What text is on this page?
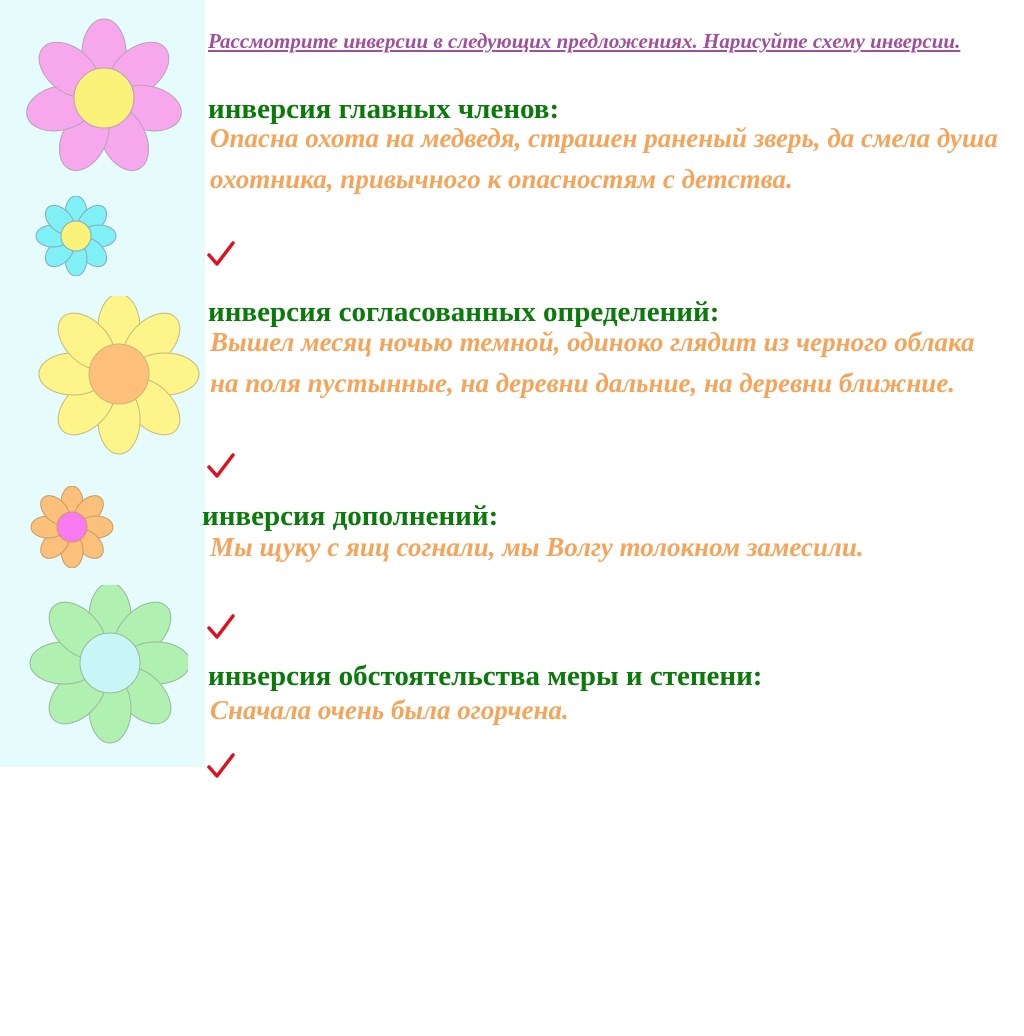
Рассмотрите инверсии в следующих предложениях. Нарисуйте схему инверсии.

инверсия главных членов:

Опасна охота на медведя, страшен раненый зверь, да смела душа охотника, привычного к опасностям с детства.

инверсия согласованных определений:

Вышел месяц ночью темной, одиноко глядит из черного облака на поля пустынные, на деревни дальние, на деревни ближние.

инверсия дополнений:

Мы щуку с яиц согнали, мы Волгу толокном замесили.

инверсия обстоятельства меры и степени:

Сначала очень была огорчена.
